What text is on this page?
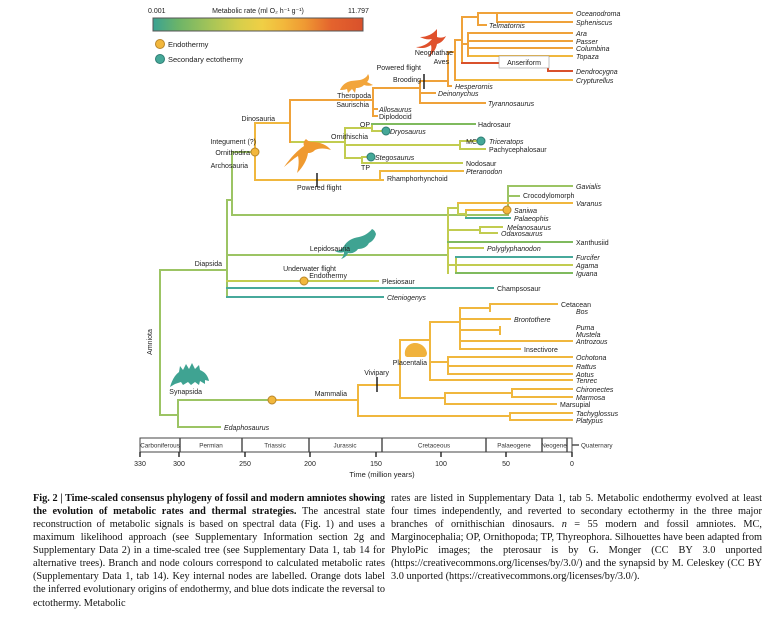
0.001	Metabolic rate (ml O₂ h⁻¹ g⁻¹)	11.797
Endothermy
Secondary ectothermy
Oceanodroma
Spheniscus
Telmatornis
Ara
Passer
Columbina
Topaza
Dendrocygna
Crypturellus
Hesperornis
Deinonychus
Tyrannosaurus
Allosaurus
Diplodocid
Hadrosaur
Dryosaurus
Triceratops
Pachycephalosaur
Stegosaurus
Nodosaur
Pteranodon
Rhamphorhynchoid
Gavialis
Crocodylomorph
Varanus
Saniwa
Palaeophis
Melanosaurus
Odaxosaurus
Xanthusiid
Polyglyphanodon
Furcifer
Agama
Iguana
Plesiosaur
Champsosaur
Cteniogenys
Cetacean
Bos
Brontothere
Puma
Mustela
Antrozous
Insectivore
Ochotona
Rattus
Aotus
Tenrec
Chironectes
Marmosa
Marsupial
Tachyglossus
Platypus
Edaphosaurus
Neognathae
Aves
Powered flight
Brooding
Theropoda
Saurischia
Dinosauria
OP
Ornithischia
Integument (?)
Ornithodira
MC
Archosauria	TP
Powered flight
Diapsida
Lepidosauria
Underwater flight
Endothermy
Anseriform
Amniota
Synapsida	Mammalia
Vivipary
Placentalia
Carboniferous	Permian	Triassic	Jurassic	Cretaceous	Palaeogene Neogene Quaternary
330	300	250	200	150	100	50	0
Time (million years)
Fig. 2 | Time-scaled consensus phylogeny of fossil and modern amniotes showing the evolution of metabolic rates and thermal strategies. The ancestral state reconstruction of metabolic signals is based on spectral data (Fig. 1) and uses a maximum likelihood approach (see Supplementary Information section 2g and Supplementary Data 2) in a time-scaled tree (see Supplementary Data 1, tab 14 for alternative trees). Branch and node colours correspond to calculated metabolic rates (Supplementary Data 1, tab 14). Key internal nodes are labelled. Orange dots label the inferred evolutionary origins of endothermy, and blue dots indicate the reversal to ectothermy. Metabolic
rates are listed in Supplementary Data 1, tab 5. Metabolic endothermy evolved at least four times independently, and reverted to secondary ectothermy in the three major branches of ornithischian dinosaurs. n = 55 modern and fossil amniotes. MC, Marginocephalia; OP, Ornithopoda; TP, Thyreophora. Silhouettes have been adapted from PhyloPic images; the pterosaur is by G. Monger (CC BY 3.0 unported (https://creativecommons.org/licenses/by/3.0/) and the synapsid by M. Celeskey (CC BY 3.0 unported (https://creativecommons.org/licenses/by/3.0/).
